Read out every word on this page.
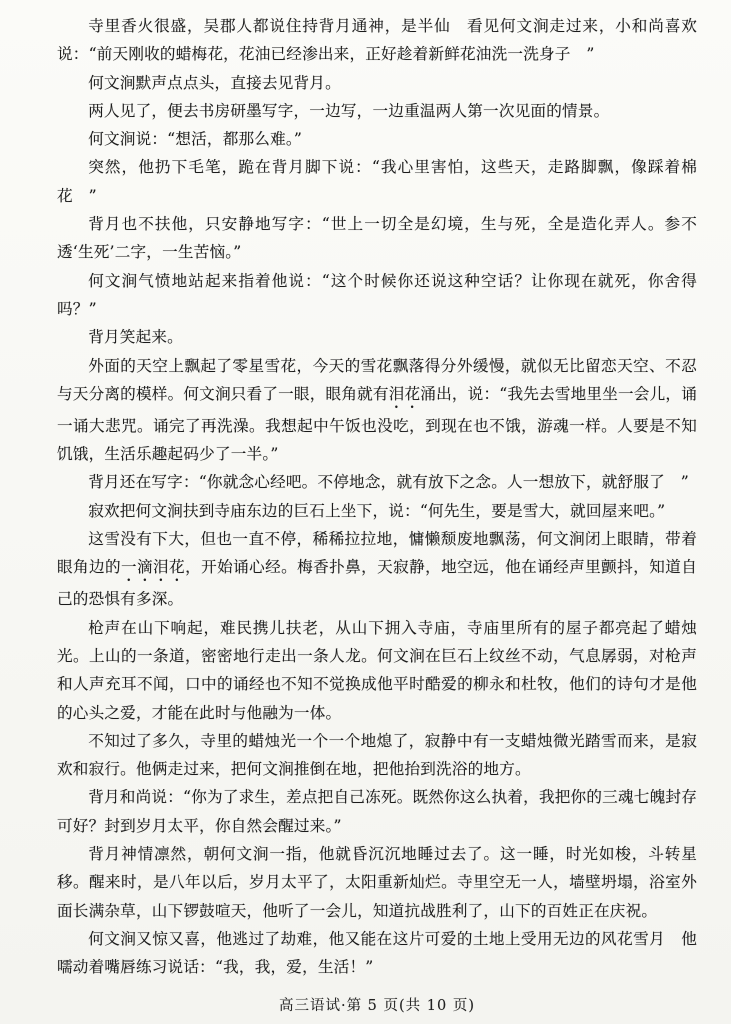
寺里香火很盛，吴郡人都说住持背月通神，是半仙　看见何文涧走过来，小和尚喜欢说：“前天刚收的蜡梅花，花油已经渗出来，正好趁着新鲜花油洗一洗身子　”

何文涧默声点点头，直接去见背月。

两人见了，便去书房研墨写字，一边写，一边重温两人第一次见面的情景。

何文涧说：“想活，都那么难。”

突然，他扔下毛笔，跪在背月脚下说：“我心里害怕，这些天，走路脚飘，像踩着棉花　”

背月也不扶他，只安静地写字：“世上一切全是幻境，生与死，全是造化弄人。参不透‘生死’二字，一生苦恼。”

何文涧气愤地站起来指着他说：“这个时候你还说这种空话？让你现在就死，你舍得吗？”

背月笑起来。

外面的天空上飘起了零星雪花，今天的雪花飘落得分外缓慢，就似无比留恋天空、不忍与天分离的模样。何文涧只看了一眼，眼角就有泪花涌出，说：“我先去雪地里坐一会儿，诵一诵大悲咒。诵完了再洗澡。我想起中午饭也没吃，到现在也不饿，游魂一样。人要是不知饥饿，生活乐趣起码少了一半。”

背月还在写字：“你就念心经吧。不停地念，就有放下之念。人一想放下，就舒服了　”

寂欢把何文涧扶到寺庙东边的巨石上坐下，说：“何先生，要是雪大，就回屋来吧。”

这雪没有下大，但也一直不停，稀稀拉拉地，慵懒颓废地飘荡，何文涧闭上眼睛，带着眼角边的一滴泪花，开始诵心经。梅香扑鼻，天寂静，地空远，他在诵经声里颤抖，知道自己的恐惧有多深。

枪声在山下响起，难民携儿扶老，从山下拥入寺庙，寺庙里所有的屋子都亮起了蜡烛光。上山的一条道，密密地行走出一条人龙。何文涧在巨石上纹丝不动，气息孱弱，对枪声和人声充耳不闻，口中的诵经也不知不觉换成他平时酷爱的柳永和杜牧，他们的诗句才是他的心头之爱，才能在此时与他融为一体。

不知过了多久，寺里的蜡烛光一个一个地熄了，寂静中有一支蜡烛微光踏雪而来，是寂欢和寂行。他俩走过来，把何文涧推倒在地，把他抬到洗浴的地方。

背月和尚说：“你为了求生，差点把自己冻死。既然你这么执着，我把你的三魂七魄封存可好？封到岁月太平，你自然会醒过来。”

背月神情凛然，朝何文涧一指，他就昏沉沉地睡过去了。这一睡，时光如梭，斗转星移。醒来时，是八年以后，岁月太平了，太阳重新灿烂。寺里空无一人，墙壁坍塌，浴室外面长满杂草，山下锣鼓喧天，他听了一会儿，知道抗战胜利了，山下的百姓正在庆祝。

何文涧又惊又喜，他逃过了劫难，他又能在这片可爱的土地上受用无边的风花雪月　他嚅动着嘴唇练习说话：“我，我，爱，生活！”

高三语试·第 5 页(共 10 页)
